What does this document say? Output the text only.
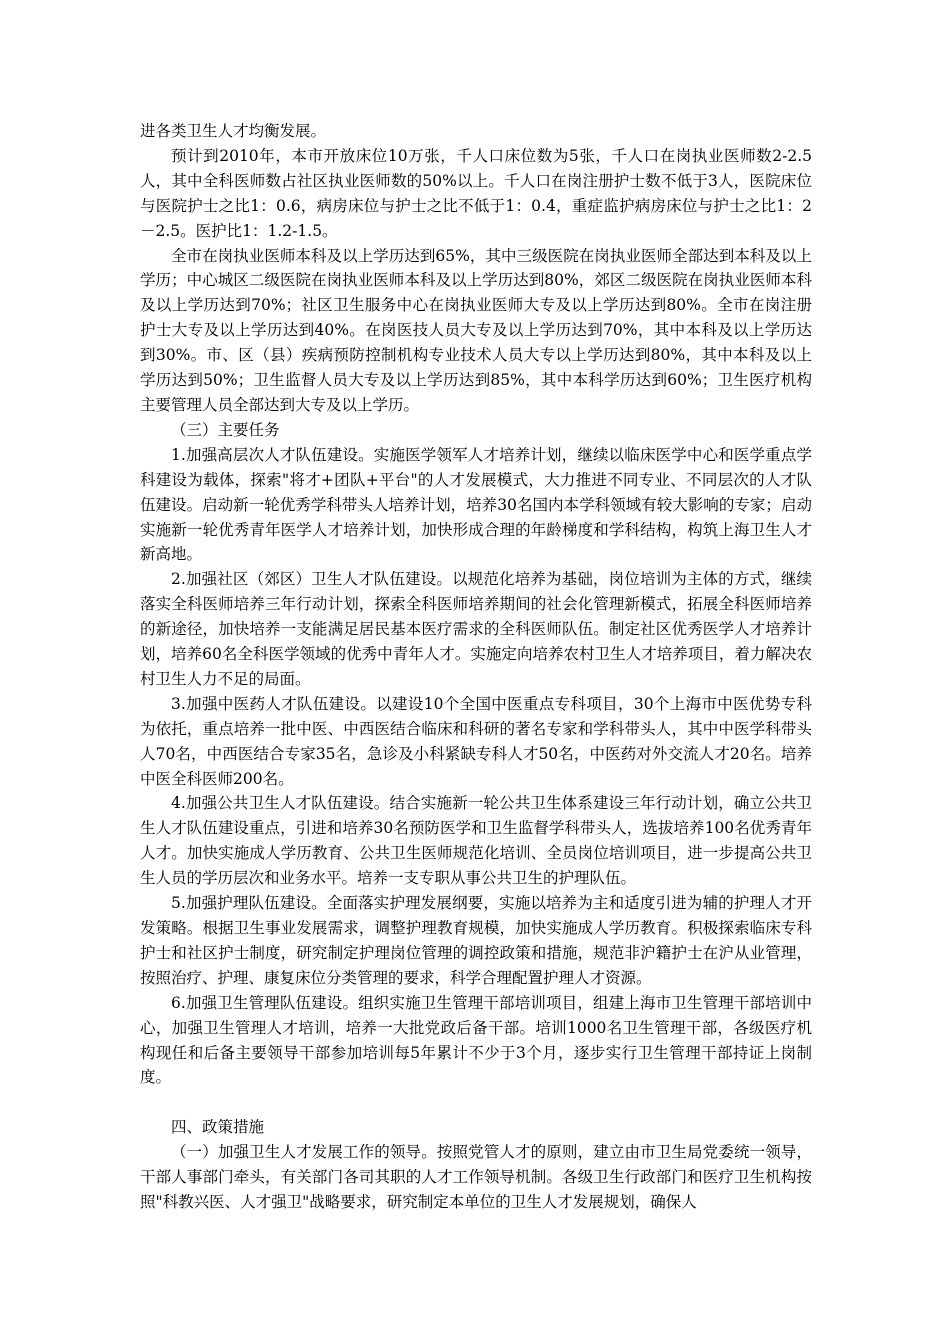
进各类卫生人才均衡发展。

预计到2010年，本市开放床位10万张，千人口床位数为5张，千人口在岗执业医师数2-2.5人，其中全科医师数占社区执业医师数的50%以上。千人口在岗注册护士数不低于3人，医院床位与医院护士之比1：0.6，病房床位与护士之比不低于1：0.4，重症监护病房床位与护士之比1：2－2.5。医护比1：1.2-1.5。

全市在岗执业医师本科及以上学历达到65%，其中三级医院在岗执业医师全部达到本科及以上学历；中心城区二级医院在岗执业医师本科及以上学历达到80%，郊区二级医院在岗执业医师本科及以上学历达到70%；社区卫生服务中心在岗执业医师大专及以上学历达到80%。全市在岗注册护士大专及以上学历达到40%。在岗医技人员大专及以上学历达到70%，其中本科及以上学历达到30%。市、区（县）疾病预防控制机构专业技术人员大专以上学历达到80%，其中本科及以上学历达到50%；卫生监督人员大专及以上学历达到85%，其中本科学历达到60%；卫生医疗机构主要管理人员全部达到大专及以上学历。

（三）主要任务

1.加强高层次人才队伍建设。实施医学领军人才培养计划，继续以临床医学中心和医学重点学科建设为载体，探索"将才+团队+平台"的人才发展模式，大力推进不同专业、不同层次的人才队伍建设。启动新一轮优秀学科带头人培养计划，培养30名国内本学科领域有较大影响的专家；启动实施新一轮优秀青年医学人才培养计划，加快形成合理的年龄梯度和学科结构，构筑上海卫生人才新高地。

2.加强社区（郊区）卫生人才队伍建设。以规范化培养为基础，岗位培训为主体的方式，继续落实全科医师培养三年行动计划，探索全科医师培养期间的社会化管理新模式，拓展全科医师培养的新途径，加快培养一支能满足居民基本医疗需求的全科医师队伍。制定社区优秀医学人才培养计划，培养60名全科医学领域的优秀中青年人才。实施定向培养农村卫生人才培养项目，着力解决农村卫生人力不足的局面。

3.加强中医药人才队伍建设。以建设10个全国中医重点专科项目，30个上海市中医优势专科为依托，重点培养一批中医、中西医结合临床和科研的著名专家和学科带头人，其中中医学科带头人70名，中西医结合专家35名，急诊及小科紧缺专科人才50名，中医药对外交流人才20名。培养中医全科医师200名。

4.加强公共卫生人才队伍建设。结合实施新一轮公共卫生体系建设三年行动计划，确立公共卫生人才队伍建设重点，引进和培养30名预防医学和卫生监督学科带头人，选拔培养100名优秀青年人才。加快实施成人学历教育、公共卫生医师规范化培训、全员岗位培训项目，进一步提高公共卫生人员的学历层次和业务水平。培养一支专职从事公共卫生的护理队伍。

5.加强护理队伍建设。全面落实护理发展纲要，实施以培养为主和适度引进为辅的护理人才开发策略。根据卫生事业发展需求，调整护理教育规模，加快实施成人学历教育。积极探索临床专科护士和社区护士制度，研究制定护理岗位管理的调控政策和措施，规范非沪籍护士在沪从业管理，按照治疗、护理、康复床位分类管理的要求，科学合理配置护理人才资源。

6.加强卫生管理队伍建设。组织实施卫生管理干部培训项目，组建上海市卫生管理干部培训中心，加强卫生管理人才培训，培养一大批党政后备干部。培训1000名卫生管理干部，各级医疗机构现任和后备主要领导干部参加培训每5年累计不少于3个月，逐步实行卫生管理干部持证上岗制度。

四、政策措施

（一）加强卫生人才发展工作的领导。按照党管人才的原则，建立由市卫生局党委统一领导，干部人事部门牵头，有关部门各司其职的人才工作领导机制。各级卫生行政部门和医疗卫生机构按照"科教兴医、人才强卫"战略要求，研究制定本单位的卫生人才发展规划，确保人
